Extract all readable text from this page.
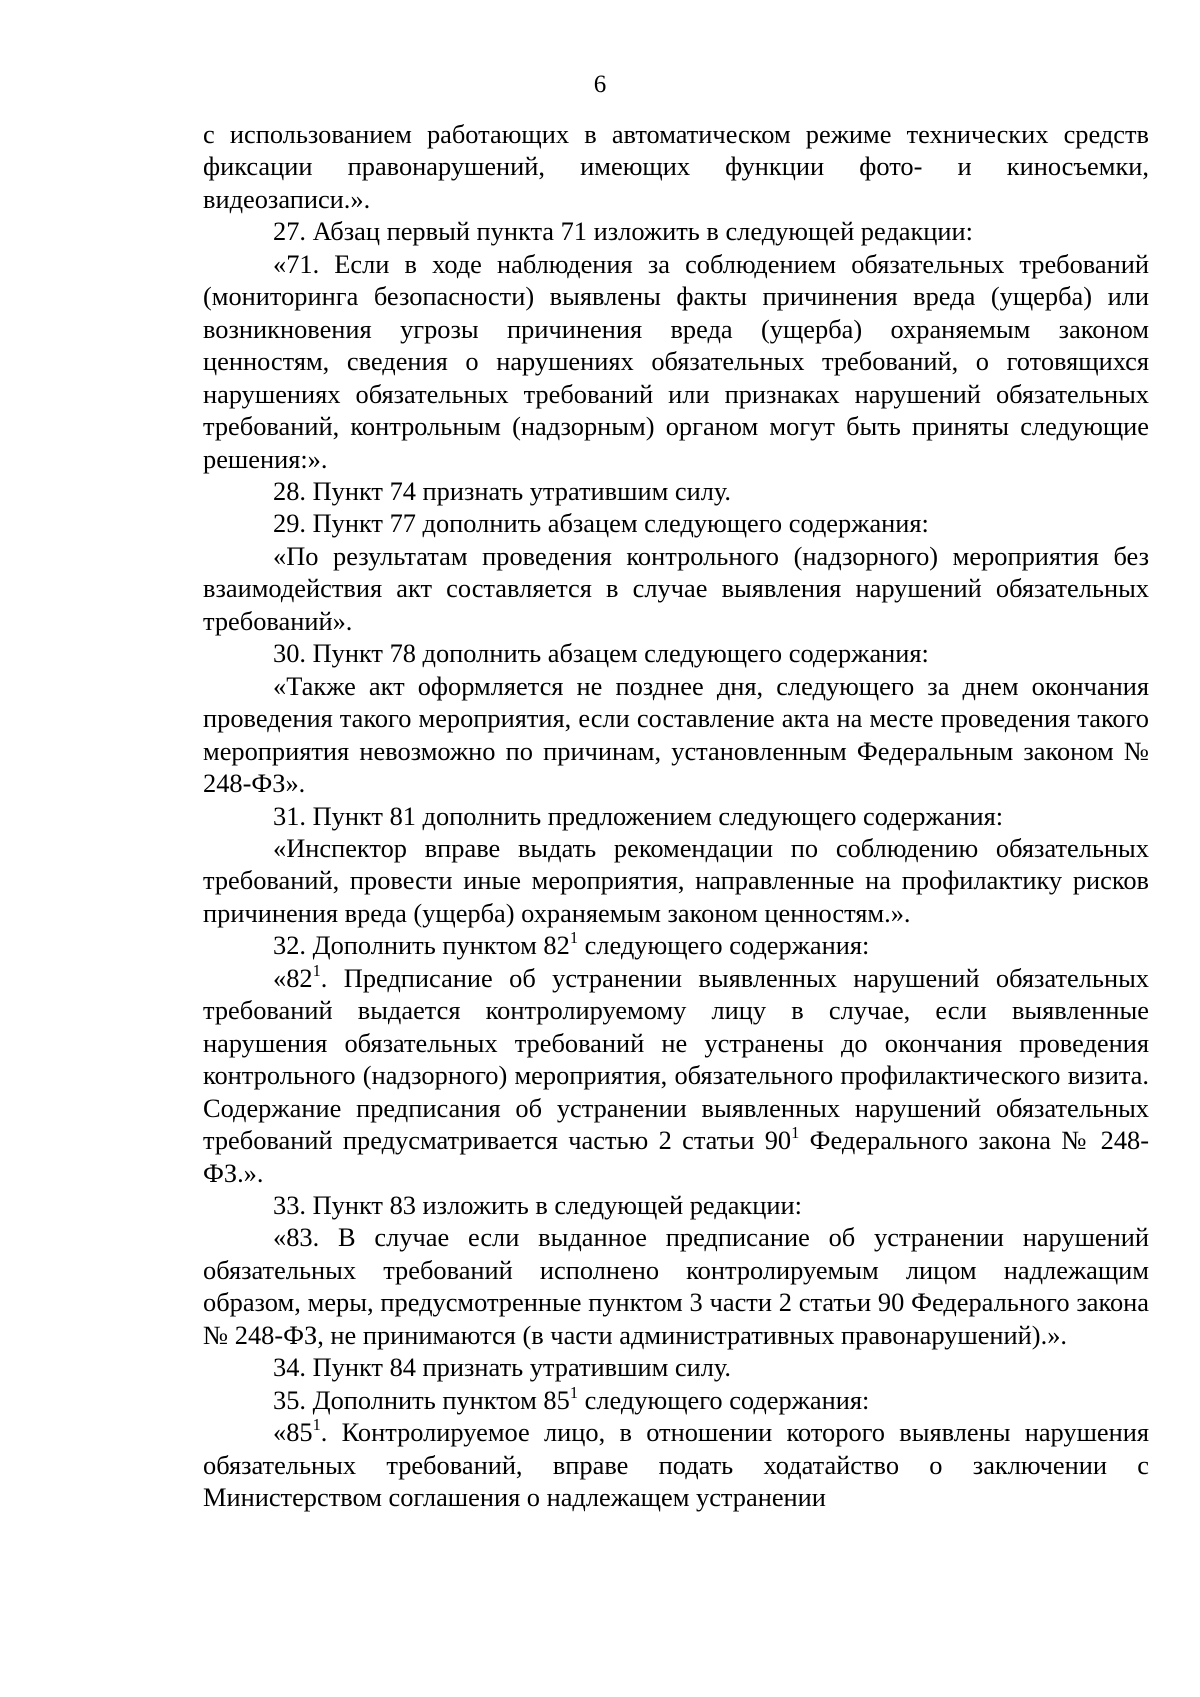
6

с использованием работающих в автоматическом режиме технических средств фиксации правонарушений, имеющих функции фото- и киносъемки, видеозаписи.».

27. Абзац первый пункта 71 изложить в следующей редакции:

«71. Если в ходе наблюдения за соблюдением обязательных требований (мониторинга безопасности) выявлены факты причинения вреда (ущерба) или возникновения угрозы причинения вреда (ущерба) охраняемым законом ценностям, сведения о нарушениях обязательных требований, о готовящихся нарушениях обязательных требований или признаках нарушений обязательных требований, контрольным (надзорным) органом могут быть приняты следующие решения:».

28. Пункт 74 признать утратившим силу.

29. Пункт 77 дополнить абзацем следующего содержания:

«По результатам проведения контрольного (надзорного) мероприятия без взаимодействия акт составляется в случае выявления нарушений обязательных требований».

30. Пункт 78 дополнить абзацем следующего содержания:

«Также акт оформляется не позднее дня, следующего за днем окончания проведения такого мероприятия, если составление акта на месте проведения такого мероприятия невозможно по причинам, установленным Федеральным законом № 248-ФЗ».

31. Пункт 81 дополнить предложением следующего содержания:

«Инспектор вправе выдать рекомендации по соблюдению обязательных требований, провести иные мероприятия, направленные на профилактику рисков причинения вреда (ущерба) охраняемым законом ценностям.».

32. Дополнить пунктом $82^1$ следующего содержания:

«$82^1$. Предписание об устранении выявленных нарушений обязательных требований выдается контролируемому лицу в случае, если выявленные нарушения обязательных требований не устранены до окончания проведения контрольного (надзорного) мероприятия, обязательного профилактического визита. Содержание предписания об устранении выявленных нарушений обязательных требований предусматривается частью 2 статьи $90^1$ Федерального закона № 248-ФЗ.».

33. Пункт 83 изложить в следующей редакции:

«83. В случае если выданное предписание об устранении нарушений обязательных требований исполнено контролируемым лицом надлежащим образом, меры, предусмотренные пунктом 3 части 2 статьи 90 Федерального закона № 248-ФЗ, не принимаются (в части административных правонарушений).».

34. Пункт 84 признать утратившим силу.

35. Дополнить пунктом $85^1$ следующего содержания:

«$85^1$. Контролируемое лицо, в отношении которого выявлены нарушения обязательных требований, вправе подать ходатайство о заключении с Министерством соглашения о надлежащем устранении
